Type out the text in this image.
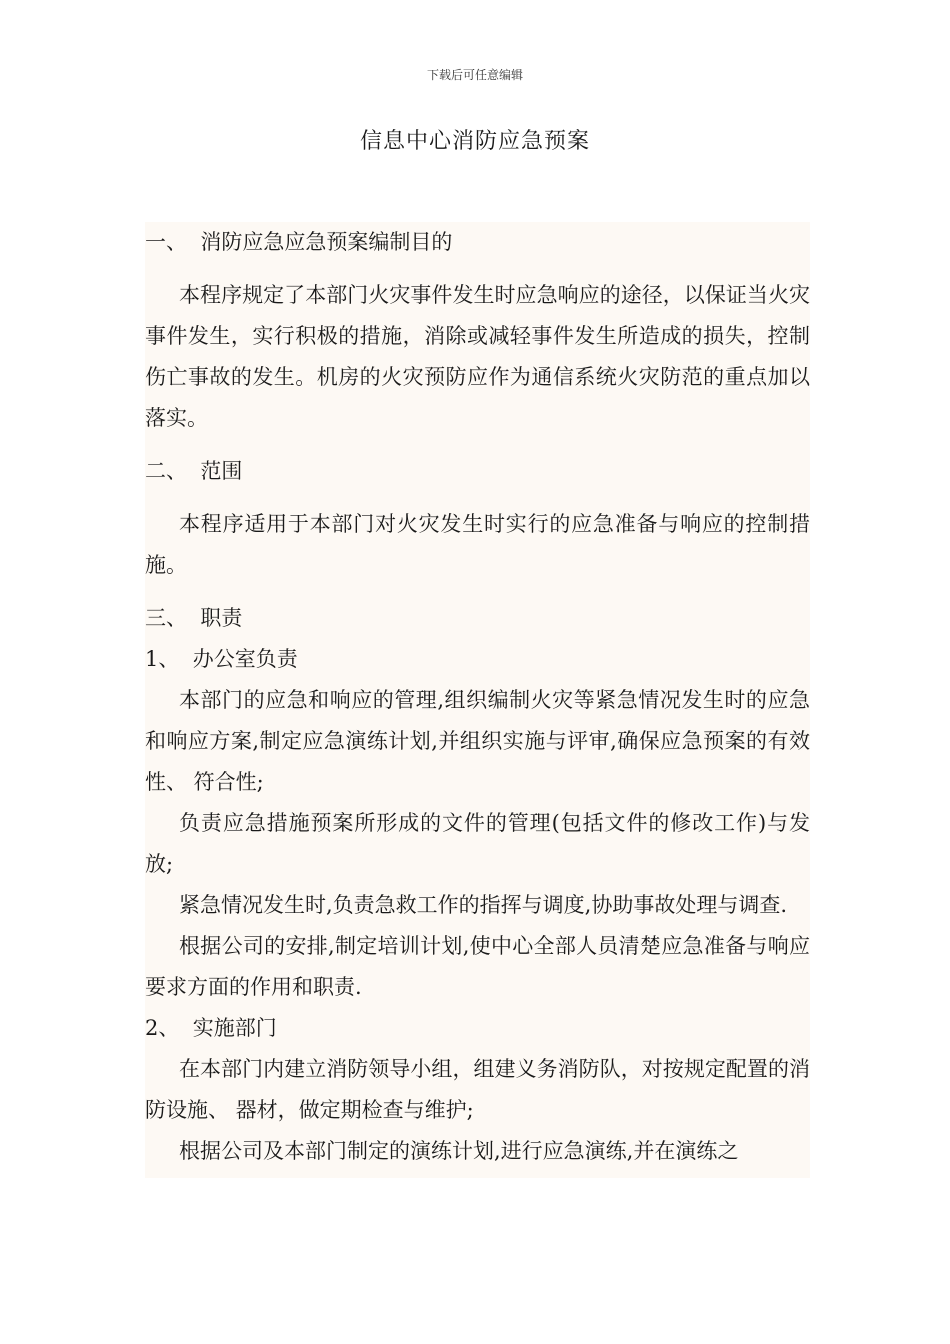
下载后可任意编辑
信息中心消防应急预案

一、  消防应急应急预案编制目的

本程序规定了本部门火灾事件发生时应急响应的途径，以保证当火灾事件发生，实行积极的措施，消除或减轻事件发生所造成的损失，控制伤亡事故的发生。机房的火灾预防应作为通信系统火灾防范的重点加以落实。

二、  范围

本程序适用于本部门对火灾发生时实行的应急准备与响应的控制措施。

三、  职责

1、  办公室负责

本部门的应急和响应的管理,组织编制火灾等紧急情况发生时的应急和响应方案,制定应急演练计划,并组织实施与评审,确保应急预案的有效性、 符合性;

负责应急措施预案所形成的文件的管理(包括文件的修改工作)与发放;

紧急情况发生时,负责急救工作的指挥与调度,协助事故处理与调查.

根据公司的安排,制定培训计划,使中心全部人员清楚应急准备与响应要求方面的作用和职责.

2、  实施部门

在本部门内建立消防领导小组，组建义务消防队，对按规定配置的消防设施、 器材，做定期检查与维护;

根据公司及本部门制定的演练计划,进行应急演练,并在演练之
